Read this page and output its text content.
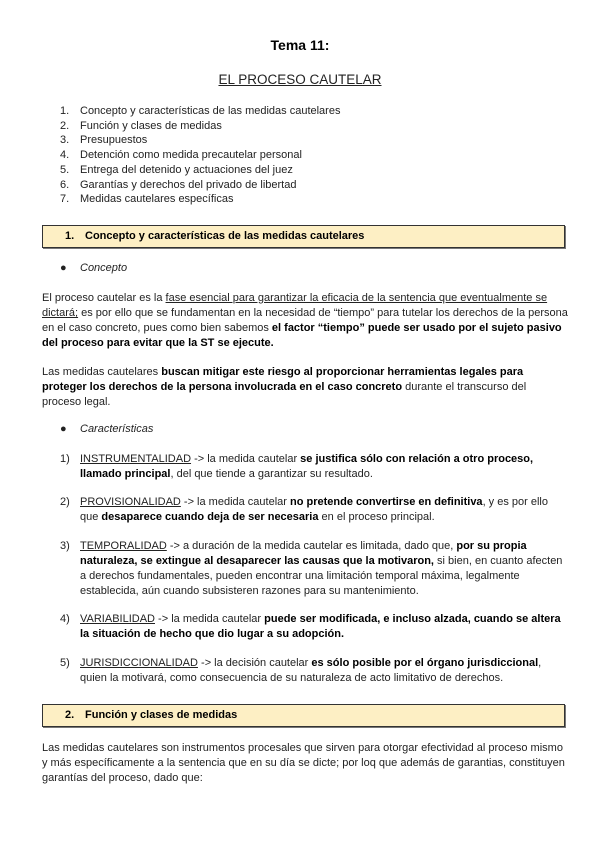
Tema 11:
EL PROCESO CAUTELAR
1. Concepto y características de las medidas cautelares
2. Función y clases de medidas
3. Presupuestos
4. Detención como medida precautelar personal
5. Entrega del detenido y actuaciones del juez
6. Garantías y derechos del privado de libertad
7. Medidas cautelares específicas
1. Concepto y características de las medidas cautelares
● Concepto
El proceso cautelar es la fase esencial para garantizar la eficacia de la sentencia que eventualmente se dictará; es por ello que se fundamentan en la necesidad de “tiempo” para tutelar los derechos de la persona en el caso concreto, pues como bien sabemos el factor “tiempo” puede ser usado por el sujeto pasivo del proceso para evitar que la ST se ejecute.
Las medidas cautelares buscan mitigar este riesgo al proporcionar herramientas legales para proteger los derechos de la persona involucrada en el caso concreto durante el transcurso del proceso legal.
● Características
1) INSTRUMENTALIDAD -> la medida cautelar se justifica sólo con relación a otro proceso, llamado principal, del que tiende a garantizar su resultado.
2) PROVISIONALIDAD -> la medida cautelar no pretende convertirse en definitiva, y es por ello que desaparece cuando deja de ser necesaria en el proceso principal.
3) TEMPORALIDAD -> a duración de la medida cautelar es limitada, dado que, por su propia naturaleza, se extingue al desaparecer las causas que la motivaron, si bien, en cuanto afecten a derechos fundamentales, pueden encontrar una limitación temporal máxima, legalmente establecida, aún cuando subsisteren razones para su mantenimiento.
4) VARIABILIDAD -> la medida cautelar puede ser modificada, e incluso alzada, cuando se altera la situación de hecho que dio lugar a su adopción.
5) JURISDICCIONALIDAD -> la decisión cautelar es sólo posible por el órgano jurisdiccional, quien la motivará, como consecuencia de su naturaleza de acto limitativo de derechos.
2. Función y clases de medidas
Las medidas cautelares son instrumentos procesales que sirven para otorgar efectividad al proceso mismo y más específicamente a la sentencia que en su día se dicte; por loq que además de garantias, constituyen garantías del proceso, dado que:
